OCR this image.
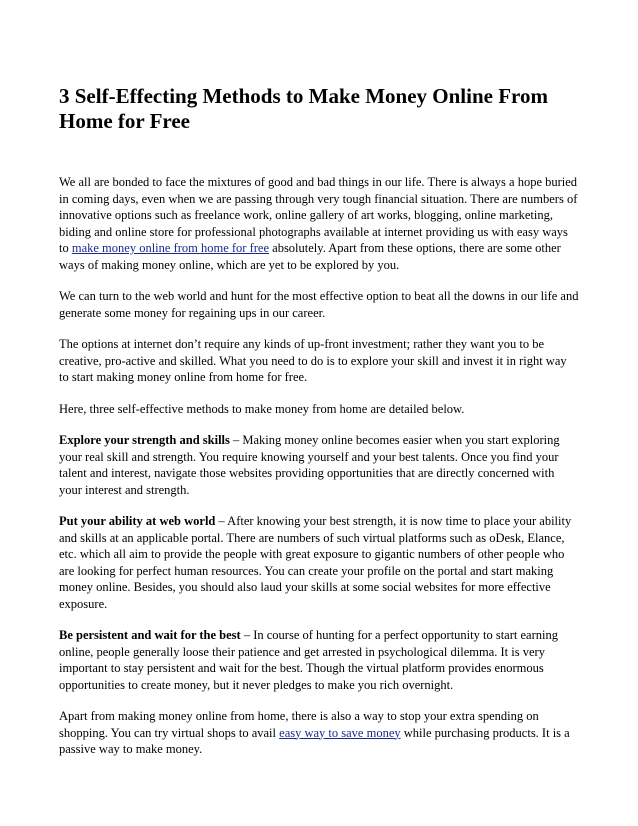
3 Self-Effecting Methods to Make Money Online From Home for Free

We all are bonded to face the mixtures of good and bad things in our life. There is always a hope buried in coming days, even when we are passing through very tough financial situation. There are numbers of innovative options such as freelance work, online gallery of art works, blogging, online marketing, biding and online store for professional photographs available at internet providing us with easy ways to make money online from home for free absolutely. Apart from these options, there are some other ways of making money online, which are yet to be explored by you.

We can turn to the web world and hunt for the most effective option to beat all the downs in our life and generate some money for regaining ups in our career.

The options at internet don’t require any kinds of up-front investment; rather they want you to be creative, pro-active and skilled. What you need to do is to explore your skill and invest it in right way to start making money online from home for free.

Here, three self-effective methods to make money from home are detailed below.

Explore your strength and skills – Making money online becomes easier when you start exploring your real skill and strength. You require knowing yourself and your best talents. Once you find your talent and interest, navigate those websites providing opportunities that are directly concerned with your interest and strength.

Put your ability at web world – After knowing your best strength, it is now time to place your ability and skills at an applicable portal. There are numbers of such virtual platforms such as oDesk, Elance, etc. which all aim to provide the people with great exposure to gigantic numbers of other people who are looking for perfect human resources. You can create your profile on the portal and start making money online. Besides, you should also laud your skills at some social websites for more effective exposure.

Be persistent and wait for the best – In course of hunting for a perfect opportunity to start earning online, people generally loose their patience and get arrested in psychological dilemma. It is very important to stay persistent and wait for the best. Though the virtual platform provides enormous opportunities to create money, but it never pledges to make you rich overnight.

Apart from making money online from home, there is also a way to stop your extra spending on shopping. You can try virtual shops to avail easy way to save money while purchasing products. It is a passive way to make money.
